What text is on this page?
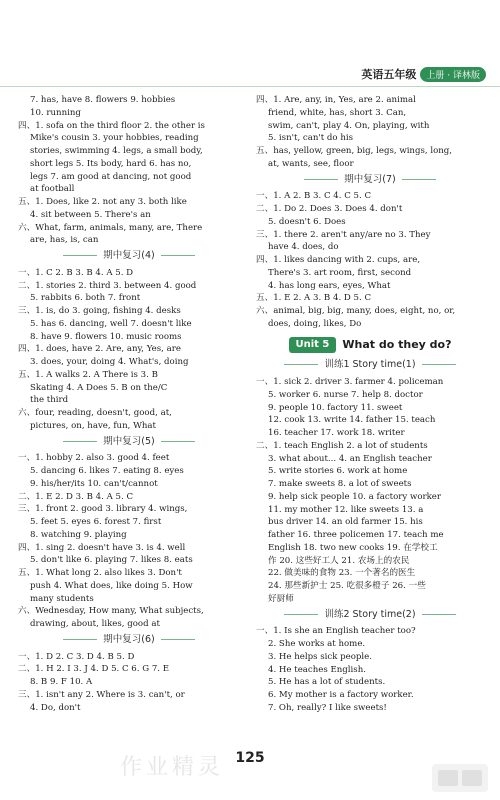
英语五年级	上册 · 译林版
7. has, have 8. flowers 9. hobbies
10. running
四、1. sofa on the third floor 2. the other is
Mike's cousin 3. your hobbies, reading
stories, swimming 4. legs, a small body,
short legs 5. Its body, hard 6. has no,
legs 7. am good at dancing, not good
at football
五、1. Does, like 2. not any 3. both like
4. sit between 5. There's an
六、What, farm, animals, many, are, There
are, has, is, can
期中复习(4)
一、1. C 2. B 3. B 4. A 5. D
二、1. stories 2. third 3. between 4. good
5. rabbits 6. both 7. front
三、1. is, do 3. going, fishing 4. desks
5. has 6. dancing, well 7. doesn't like
8. have 9. flowers 10. music rooms
四、1. does, have 2. Are, any, Yes, are
3. does, your, doing 4. What's, doing
五、1. A walks 2. A There is 3. B
Skating 4. A Does 5. B on the/C
the third
六、four, reading, doesn't, good, at,
pictures, on, have, fun, What
期中复习(5)
一、1. hobby 2. also 3. good 4. feet
5. dancing 6. likes 7. eating 8. eyes
9. his/her/its 10. can't/cannot
二、1. E 2. D 3. B 4. A 5. C
三、1. front 2. good 3. library 4. wings,
5. feet 5. eyes 6. forest 7. first
8. watching 9. playing
四、1. sing 2. doesn't have 3. is 4. well
5. don't like 6. playing 7. likes 8. eats
五、1. What long 2. also likes 3. Don't
push 4. What does, like doing 5. How
many students
六、Wednesday, How many, What subjects,
drawing, about, likes, good at
期中复习(6)
一、1. D 2. C 3. D 4. B 5. D
二、1. H 2. I 3. J 4. D 5. C 6. G 7. E
8. B 9. F 10. A
三、1. isn't any 2. Where is 3. can't, or
4. Do, don't
四、1. Are, any, in, Yes, are 2. animal
friend, white, has, short 3. Can,
swim, can't, play 4. On, playing, with
5. isn't, can't do his
五、has, yellow, green, big, legs, wings, long,
at, wants, see, floor
期中复习(7)
一、1. A 2. B 3. C 4. C 5. C
二、1. Do 2. Does 3. Does 4. don't
5. doesn't 6. Does
三、1. there 2. aren't any/are no 3. They
have 4. does, do
四、1. likes dancing with 2. cups, are,
There's 3. art room, first, second
4. has long ears, eyes, What
五、1. E 2. A 3. B 4. D 5. C
六、animal, big, big, many, does, eight, no, or,
does, doing, likes, Do
Unit 5	What do they do?
训练1 Story time(1)
一、1. sick 2. driver 3. farmer 4. policeman
5. worker 6. nurse 7. help 8. doctor
9. people 10. factory 11. sweet
12. cook 13. write 14. father 15. teach
16. teacher 17. work 18. writer
二、1. teach English 2. a lot of students
3. what about... 4. an English teacher
5. write stories 6. work at home
7. make sweets 8. a lot of sweets
9. help sick people 10. a factory worker
11. my mother 12. like sweets 13. a
bus driver 14. an old farmer 15. his
father 16. three policemen 17. teach me
English 18. two new cooks 19. 在学校工
作 20. 这些好工人 21. 农场上的农民
22. 做美味的食物 23. 一个著名的医生
24. 那些新护士 25. 吃很多橙子 26. 一些
好厨师
训练2 Story time(2)
一、1. Is she an English teacher too?
2. She works at home.
3. He helps sick people.
4. He teaches English.
5. He has a lot of students.
6. My mother is a factory worker.
7. Oh, really? I like sweets!
作业精灵 125
